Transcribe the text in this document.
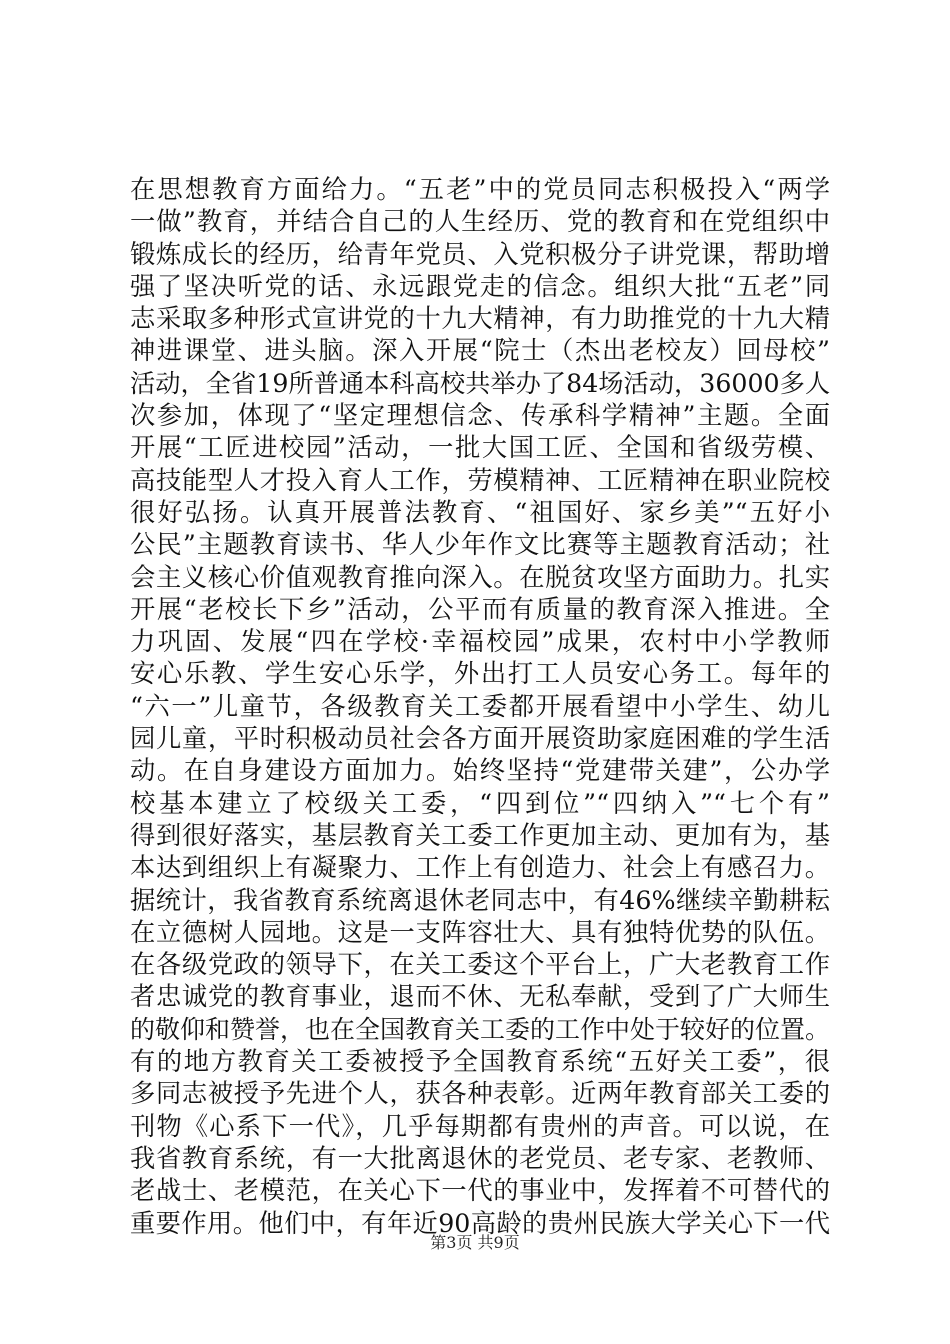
在思想教育方面给力。“五老”中的党员同志积极投入“两学
一做”教育，并结合自己的人生经历、党的教育和在党组织中
锻炼成长的经历，给青年党员、入党积极分子讲党课，帮助增
强了坚决听党的话、永远跟党走的信念。组织大批“五老”同
志采取多种形式宣讲党的十九大精神，有力助推党的十九大精
神进课堂、进头脑。深入开展“院士（杰出老校友）回母校”
活动，全省19所普通本科高校共举办了84场活动，36000多人
次参加，体现了“坚定理想信念、传承科学精神”主题。全面
开展“工匠进校园”活动，一批大国工匠、全国和省级劳模、
高技能型人才投入育人工作，劳模精神、工匠精神在职业院校
很好弘扬。认真开展普法教育、“祖国好、家乡美”“五好小
公民”主题教育读书、华人少年作文比赛等主题教育活动；社
会主义核心价值观教育推向深入。在脱贫攻坚方面助力。扎实
开展“老校长下乡”活动，公平而有质量的教育深入推进。全
力巩固、发展“四在学校·幸福校园”成果，农村中小学教师
安心乐教、学生安心乐学，外出打工人员安心务工。每年的
“六一”儿童节，各级教育关工委都开展看望中小学生、幼儿
园儿童，平时积极动员社会各方面开展资助家庭困难的学生活
动。在自身建设方面加力。始终坚持“党建带关建”，公办学
校基本建立了校级关工委，“四到位”“四纳入”“七个有”
得到很好落实，基层教育关工委工作更加主动、更加有为，基
本达到组织上有凝聚力、工作上有创造力、社会上有感召力。
据统计，我省教育系统离退休老同志中，有46%继续辛勤耕耘
在立德树人园地。这是一支阵容壮大、具有独特优势的队伍。
在各级党政的领导下，在关工委这个平台上，广大老教育工作
者忠诚党的教育事业，退而不休、无私奉献，受到了广大师生
的敬仰和赞誉，也在全国教育关工委的工作中处于较好的位置。
有的地方教育关工委被授予全国教育系统“五好关工委”，很
多同志被授予先进个人，获各种表彰。近两年教育部关工委的
刊物《心系下一代》，几乎每期都有贵州的声音。可以说，在
我省教育系统，有一大批离退休的老党员、老专家、老教师、
老战士、老模范，在关心下一代的事业中，发挥着不可替代的
重要作用。他们中，有年近90高龄的贵州民族大学关心下一代
第3页 共9页
